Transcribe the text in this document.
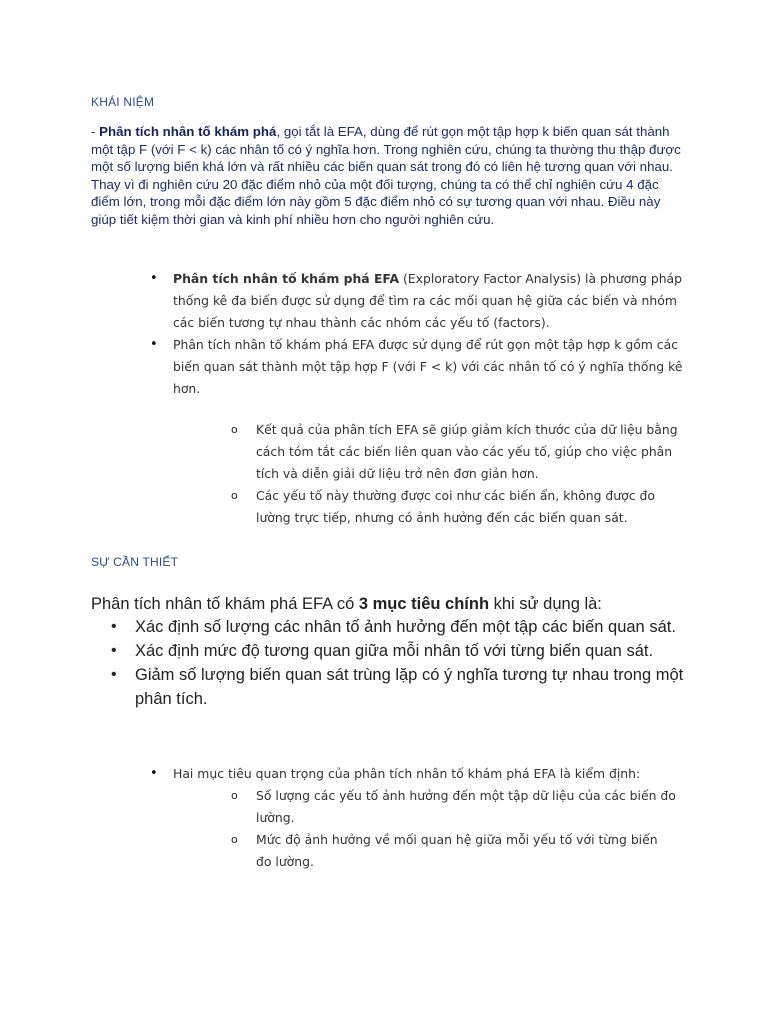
KHÁI NIỆM
- Phân tích nhân tố khám phá, gọi tắt là EFA, dùng để rút gọn một tập hợp k biến quan sát thành một tập F (với F < k) các nhân tố có ý nghĩa hơn. Trong nghiên cứu, chúng ta thường thu thập được một số lượng biến khá lớn và rất nhiều các biến quan sát trong đó có liên hệ tương quan với nhau. Thay vì đi nghiên cứu 20 đặc điểm nhỏ của một đối tượng, chúng ta có thể chỉ nghiên cứu 4 đặc điểm lớn, trong mỗi đặc điểm lớn này gồm 5 đặc điểm nhỏ có sự tương quan với nhau. Điều này giúp tiết kiệm thời gian và kinh phí nhiều hơn cho người nghiên cứu.
• Phân tích nhân tố khám phá EFA (Exploratory Factor Analysis) là phương pháp thống kê đa biến được sử dụng để tìm ra các mối quan hệ giữa các biến và nhóm các biến tương tự nhau thành các nhóm các yếu tố (factors).
• Phân tích nhân tố khám phá EFA được sử dụng để rút gọn một tập hợp k gồm các biến quan sát thành một tập hợp F (với F < k) với các nhân tố có ý nghĩa thống kê hơn.
o Kết quả của phân tích EFA sẽ giúp giảm kích thước của dữ liệu bằng cách tóm tắt các biến liên quan vào các yếu tố, giúp cho việc phân tích và diễn giải dữ liệu trở nên đơn giản hơn.
o Các yếu tố này thường được coi như các biến ẩn, không được đo lường trực tiếp, nhưng có ảnh hưởng đến các biến quan sát.
SỰ CẦN THIẾT
Phân tích nhân tố khám phá EFA có 3 mục tiêu chính khi sử dụng là:
• Xác định số lượng các nhân tố ảnh hưởng đến một tập các biến quan sát.
• Xác định mức độ tương quan giữa mỗi nhân tố với từng biến quan sát.
• Giảm số lượng biến quan sát trùng lặp có ý nghĩa tương tự nhau trong một phân tích.
• Hai mục tiêu quan trọng của phân tích nhân tố khám phá EFA là kiểm định:
o Số lượng các yếu tố ảnh hưởng đến một tập dữ liệu của các biến đo lường.
o Mức độ ảnh hưởng về mối quan hệ giữa mỗi yếu tố với từng biến đo lường.
